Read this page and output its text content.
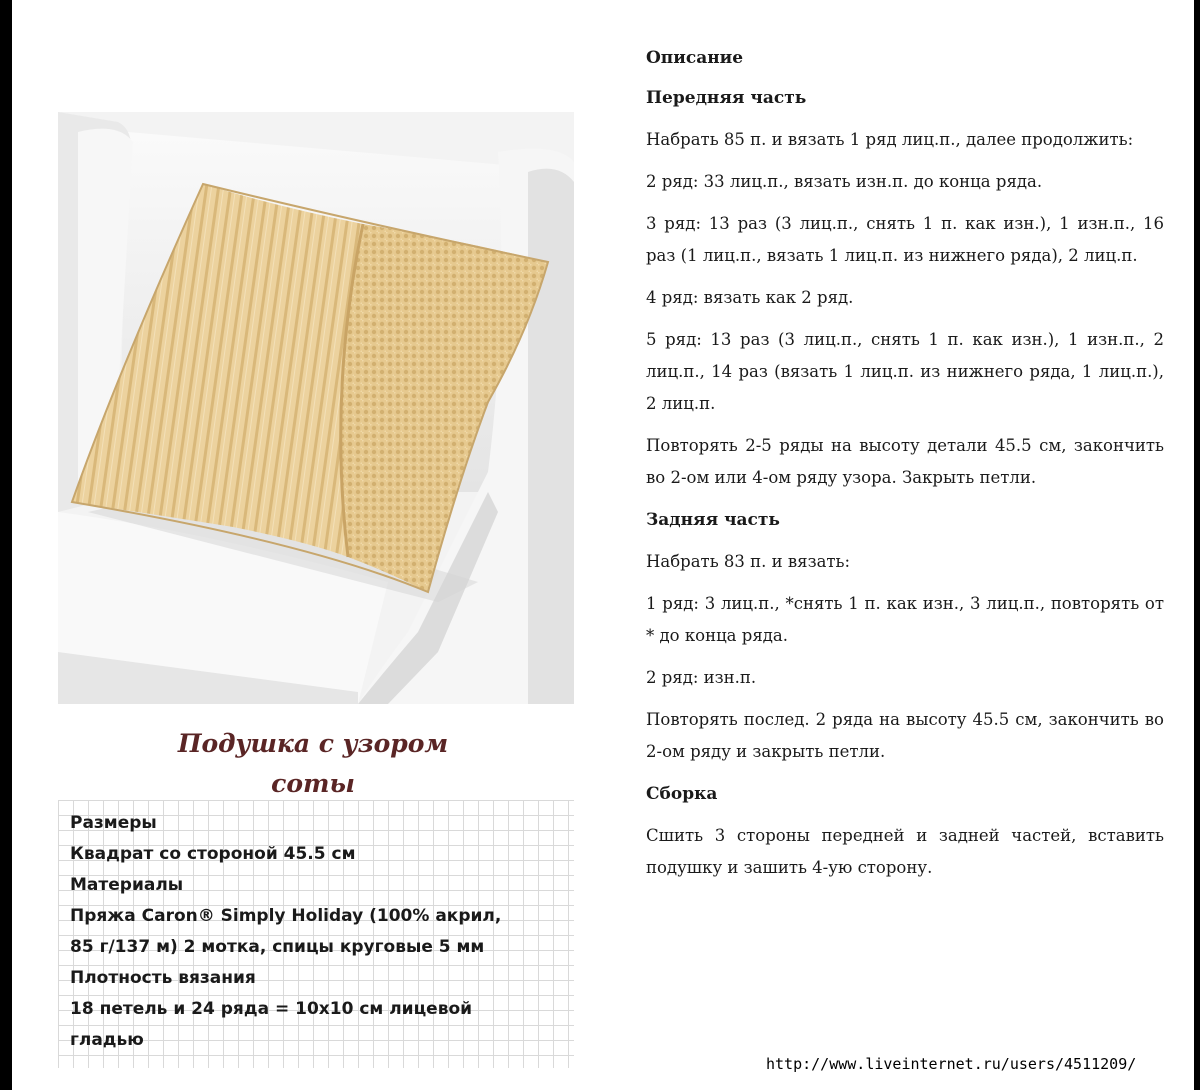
Подушка с узором
соты

Размеры

Квадрат со стороной 45.5 см

Материалы

Пряжа Caron® Simply Holiday (100% акрил,

85 г/137 м) 2 мотка, спицы круговые 5 мм

Плотность вязания

18 петель и 24 ряда = 10x10 см лицевой

гладью

Описание
Передняя часть

Набрать 85 п. и вязать 1 ряд лиц.п., далее продолжить:

2 ряд: 33 лиц.п., вязать изн.п. до конца ряда.

3 ряд: 13 раз (3 лиц.п., снять 1 п. как изн.), 1 изн.п., 16 раз (1 лиц.п., вязать 1 лиц.п. из нижнего ряда), 2 лиц.п.

4 ряд: вязать как 2 ряд.

5 ряд: 13 раз (3 лиц.п., снять 1 п. как изн.), 1 изн.п., 2 лиц.п., 14 раз (вязать 1 лиц.п. из нижнего ряда, 1 лиц.п.), 2 лиц.п.

Повторять 2-5 ряды на высоту детали 45.5 см, закончить во 2-ом или 4-ом ряду узора. Закрыть петли.

Задняя часть

Набрать 83 п. и вязать:

1 ряд: 3 лиц.п., *снять 1 п. как изн., 3 лиц.п., повторять от * до конца ряда.

2 ряд: изн.п.

Повторять послед. 2 ряда на высоту 45.5 см, закончить во 2-ом ряду и закрыть петли.

Сборка

Сшить 3 стороны передней и задней частей, вставить подушку и зашить 4-ую сторону.

http://www.liveinternet.ru/users/4511209/
